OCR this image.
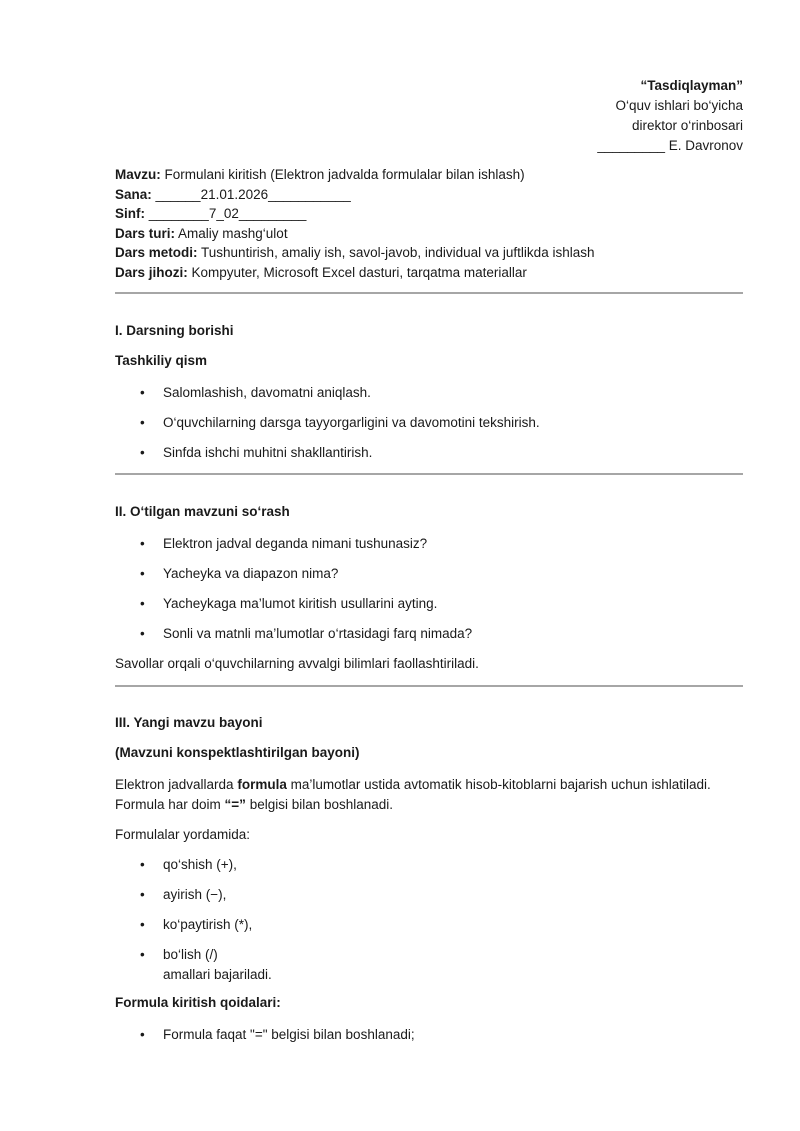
“Tasdiqlayman”
O‘quv ishlari bo‘yicha
direktor o‘rinbosari
_________ E. Davronov
Mavzu: Formulani kiritish (Elektron jadvalda formulalar bilan ishlash)
Sana: ______21.01.2026___________
Sinf: ________7_02_________
Dars turi: Amaliy mashg‘ulot
Dars metodi: Tushuntirish, amaliy ish, savol-javob, individual va juftlikda ishlash
Dars jihozi: Kompyuter, Microsoft Excel dasturi, tarqatma materiallar
I. Darsning borishi
Tashkiliy qism
• Salomlashish, davomatni aniqlash.
• O‘quvchilarning darsga tayyorgarligini va davomotini tekshirish.
• Sinfda ishchi muhitni shakllantirish.
II. O‘tilgan mavzuni so‘rash
• Elektron jadval deganda nimani tushunasiz?
• Yacheyka va diapazon nima?
• Yacheykaga ma’lumot kiritish usullarini ayting.
• Sonli va matnli ma’lumotlar o‘rtasidagi farq nimada?
Savollar orqali o‘quvchilarning avvalgi bilimlari faollashtiriladi.
III. Yangi mavzu bayoni
(Mavzuni konspektlashtirilgan bayoni)
Elektron jadvallarda formula ma’lumotlar ustida avtomatik hisob-kitoblarni bajarish uchun ishlatiladi.
Formula har doim “=” belgisi bilan boshlanadi.
Formulalar yordamida:
• qo‘shish (+),
• ayirish (−),
• ko‘paytirish (*),
• bo‘lish (/)
amallari bajariladi.
Formula kiritish qoidalari:
• Formula faqat "=" belgisi bilan boshlanadi;
